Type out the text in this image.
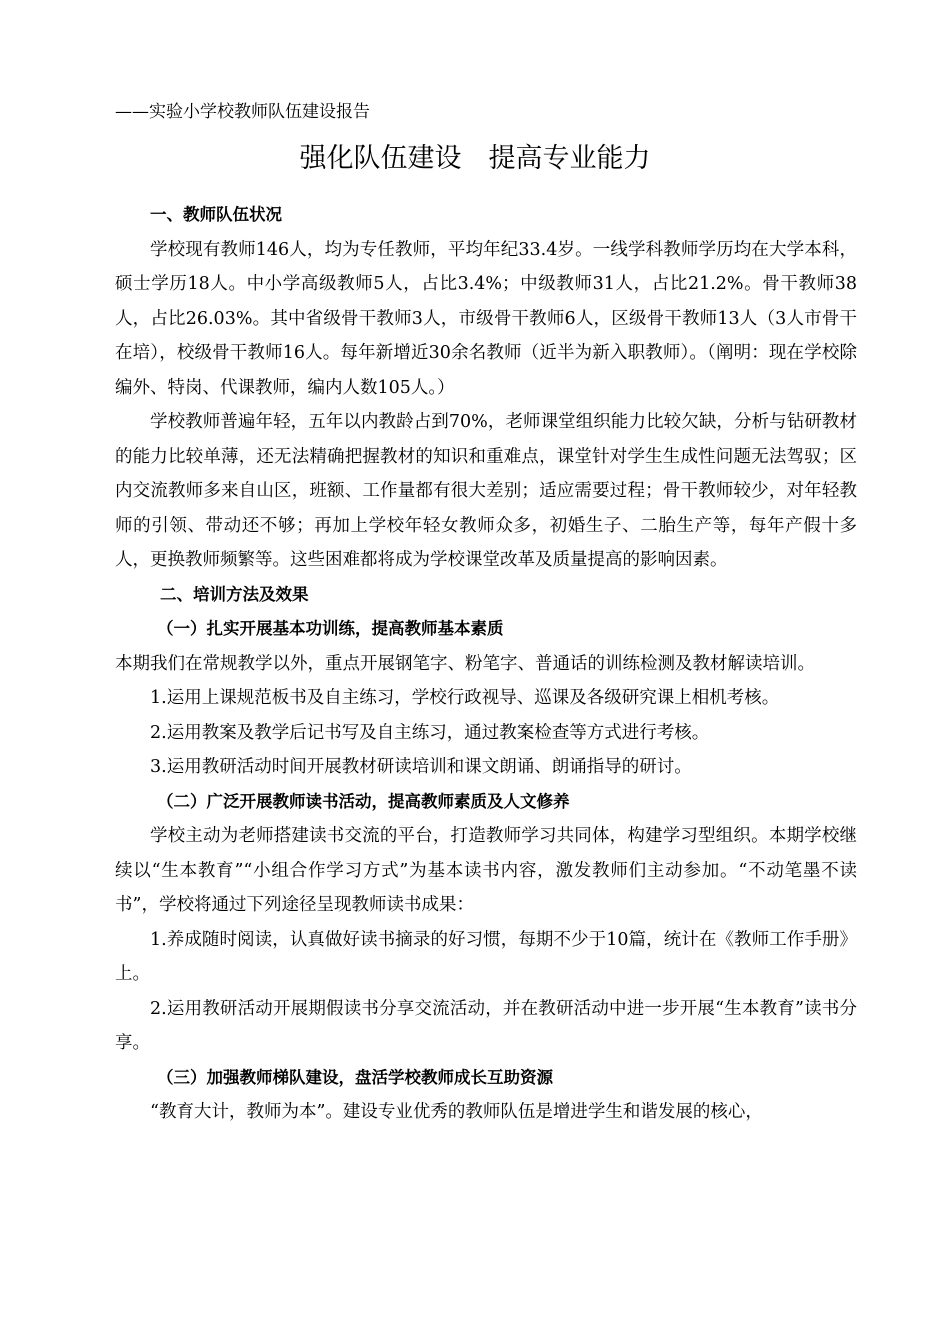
——实验小学校教师队伍建设报告
强化队伍建设　提高专业能力

一、教师队伍状况

学校现有教师146人，均为专任教师，平均年纪33.4岁。一线学科教师学历均在大学本科，硕士学历18人。中小学高级教师5人，占比3.4%；中级教师31人，占比21.2%。骨干教师38人，占比26.03%。其中省级骨干教师3人，市级骨干教师6人，区级骨干教师13人（3人市骨干在培），校级骨干教师16人。每年新增近30余名教师（近半为新入职教师）。（阐明：现在学校除编外、特岗、代课教师，编内人数105人。）

学校教师普遍年轻，五年以内教龄占到70%，老师课堂组织能力比较欠缺，分析与钻研教材的能力比较单薄，还无法精确把握教材的知识和重难点，课堂针对学生生成性问题无法驾驭；区内交流教师多来自山区，班额、工作量都有很大差别；适应需要过程；骨干教师较少，对年轻教师的引领、带动还不够；再加上学校年轻女教师众多，初婚生子、二胎生产等，每年产假十多人，更换教师频繁等。这些困难都将成为学校课堂改革及质量提高的影响因素。

二、培训方法及效果

（一）扎实开展基本功训练，提高教师基本素质

本期我们在常规教学以外，重点开展钢笔字、粉笔字、普通话的训练检测及教材解读培训。

1.运用上课规范板书及自主练习，学校行政视导、巡课及各级研究课上相机考核。

2.运用教案及教学后记书写及自主练习，通过教案检查等方式进行考核。

3.运用教研活动时间开展教材研读培训和课文朗诵、朗诵指导的研讨。

（二）广泛开展教师读书活动，提高教师素质及人文修养

学校主动为老师搭建读书交流的平台，打造教师学习共同体，构建学习型组织。本期学校继续以“生本教育”“小组合作学习方式”为基本读书内容，激发教师们主动参加。“不动笔墨不读书”，学校将通过下列途径呈现教师读书成果：

1.养成随时阅读，认真做好读书摘录的好习惯，每期不少于10篇，统计在《教师工作手册》上。

2.运用教研活动开展期假读书分享交流活动，并在教研活动中进一步开展“生本教育”读书分享。

（三）加强教师梯队建设，盘活学校教师成长互助资源

“教育大计，教师为本”。建设专业优秀的教师队伍是增进学生和谐发展的核心，
